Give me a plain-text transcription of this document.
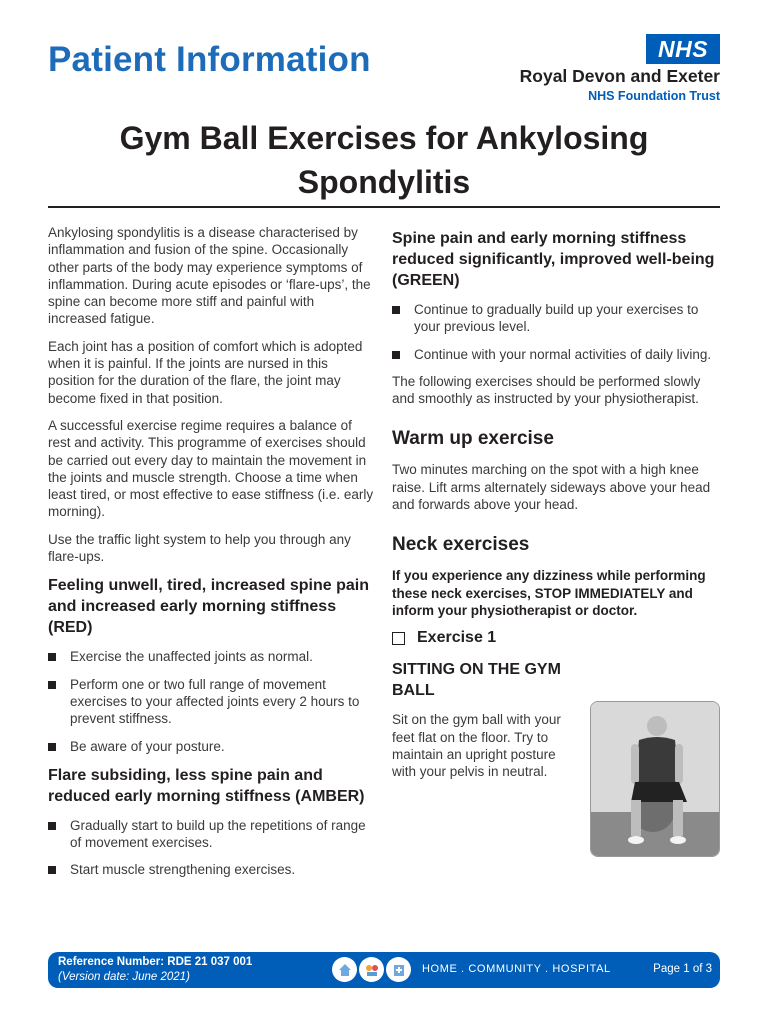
Patient Information	NHS
Royal Devon and Exeter
NHS Foundation Trust
Gym Ball Exercises for Ankylosing
Spondylitis

Ankylosing spondylitis is a disease characterised by inflammation and fusion of the spine. Occasionally other parts of the body may experience symptoms of inflammation. During acute episodes or ‘flare-ups’, the spine can become more stiff and painful with increased fatigue.

Each joint has a position of comfort which is adopted when it is painful. If the joints are nursed in this position for the duration of the flare, the joint may become fixed in that position.

A successful exercise regime requires a balance of rest and activity. This programme of exercises should be carried out every day to maintain the movement in the joints and muscle strength. Choose a time when least tired, or most effective to ease stiffness (i.e. early morning).

Use the traffic light system to help you through any flare-ups.

Feeling unwell, tired, increased spine pain and increased early morning stiffness (RED)
Exercise the unaffected joints as normal.
Perform one or two full range of movement exercises to your affected joints every 2 hours to prevent stiffness.
Be aware of your posture.
Flare subsiding, less spine pain and reduced early morning stiffness (AMBER)
Gradually start to build up the repetitions of range of movement exercises.
Start muscle strengthening exercises.
Spine pain and early morning stiffness reduced significantly, improved well-being (GREEN)
Continue to gradually build up your exercises to your previous level.
Continue with your normal activities of daily living.

The following exercises should be performed slowly and smoothly as instructed by your physiotherapist.

Warm up exercise

Two minutes marching on the spot with a high knee raise. Lift arms alternately sideways above your head and forwards above your head.

Neck exercises

If you experience any dizziness while performing these neck exercises, STOP IMMEDIATELY and inform your physiotherapist or doctor.

Exercise 1
SITTING ON THE GYM BALL

Sit on the gym ball with your feet flat on the floor. Try to maintain an upright posture with your pelvis in neutral.

Reference Number: RDE 21 037 001
(Version date: June 2021)
HOME . COMMUNITY . HOSPITAL	Page 1 of 3
